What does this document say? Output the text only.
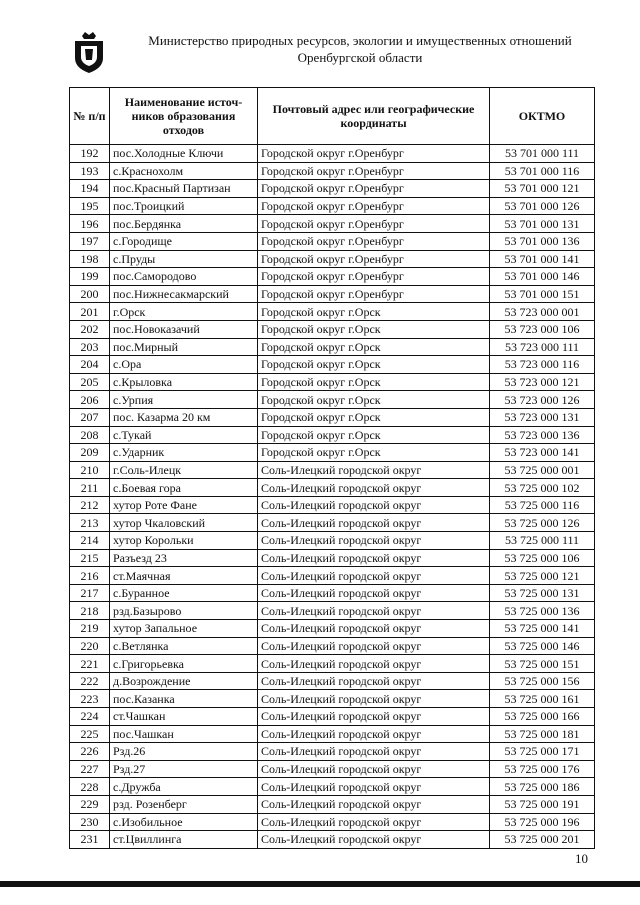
Министерство природных ресурсов, экологии и имущественных отношений
Оренбургской области
№ п/п	Наименование источ-ников образования отходов	Почтовый адрес или географические координаты	ОКТМО
192	пос.Холодные Ключи	Городской округ г.Оренбург	53 701 000 111
193	с.Краснохолм	Городской округ г.Оренбург	53 701 000 116
194	пос.Красный Партизан	Городской округ г.Оренбург	53 701 000 121
195	пос.Троицкий	Городской округ г.Оренбург	53 701 000 126
196	пос.Бердянка	Городской округ г.Оренбург	53 701 000 131
197	с.Городище	Городской округ г.Оренбург	53 701 000 136
198	с.Пруды	Городской округ г.Оренбург	53 701 000 141
199	пос.Самородово	Городской округ г.Оренбург	53 701 000 146
200	пос.Нижнесакмарский	Городской округ г.Оренбург	53 701 000 151
201	г.Орск	Городской округ г.Орск	53 723 000 001
202	пос.Новоказачий	Городской округ г.Орск	53 723 000 106
203	пос.Мирный	Городской округ г.Орск	53 723 000 111
204	с.Ора	Городской округ г.Орск	53 723 000 116
205	с.Крыловка	Городской округ г.Орск	53 723 000 121
206	с.Урпия	Городской округ г.Орск	53 723 000 126
207	пос. Казарма 20 км	Городской округ г.Орск	53 723 000 131
208	с.Тукай	Городской округ г.Орск	53 723 000 136
209	с.Ударник	Городской округ г.Орск	53 723 000 141
210	г.Соль-Илецк	Соль-Илецкий городской округ	53 725 000 001
211	с.Боевая гора	Соль-Илецкий городской округ	53 725 000 102
212	хутор Роте Фане	Соль-Илецкий городской округ	53 725 000 116
213	хутор Чкаловский	Соль-Илецкий городской округ	53 725 000 126
214	хутор Корольки	Соль-Илецкий городской округ	53 725 000 111
215	Разъезд 23	Соль-Илецкий городской округ	53 725 000 106
216	ст.Маячная	Соль-Илецкий городской округ	53 725 000 121
217	с.Буранное	Соль-Илецкий городской округ	53 725 000 131
218	рзд.Базырово	Соль-Илецкий городской округ	53 725 000 136
219	хутор Запальное	Соль-Илецкий городской округ	53 725 000 141
220	с.Ветлянка	Соль-Илецкий городской округ	53 725 000 146
221	с.Григорьевка	Соль-Илецкий городской округ	53 725 000 151
222	д.Возрождение	Соль-Илецкий городской округ	53 725 000 156
223	пос.Казанка	Соль-Илецкий городской округ	53 725 000 161
224	ст.Чашкан	Соль-Илецкий городской округ	53 725 000 166
225	пос.Чашкан	Соль-Илецкий городской округ	53 725 000 181
226	Рзд.26	Соль-Илецкий городской округ	53 725 000 171
227	Рзд.27	Соль-Илецкий городской округ	53 725 000 176
228	с.Дружба	Соль-Илецкий городской округ	53 725 000 186
229	рзд. Розенберг	Соль-Илецкий городской округ	53 725 000 191
230	с.Изобильное	Соль-Илецкий городской округ	53 725 000 196
231	ст.Цвиллинга	Соль-Илецкий городской округ	53 725 000 201
10
